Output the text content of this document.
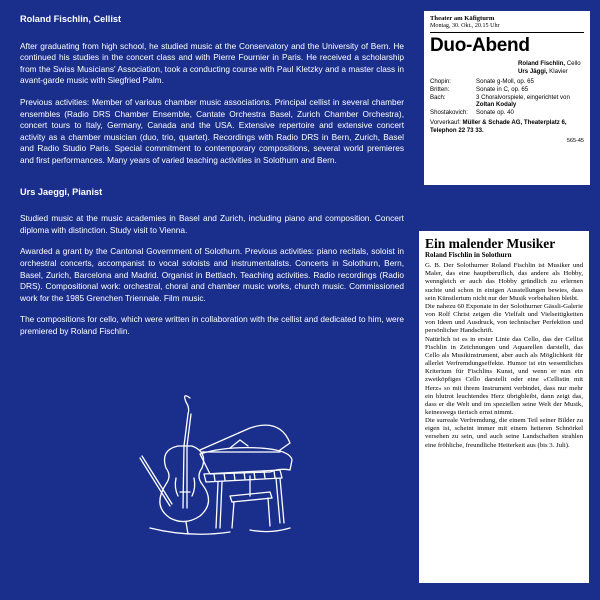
Roland Fischlin, Cellist

After graduating from high school, he studied music at the Conservatory and the University of Bern. He continued his studies in the concert class and with Pierre Fournier in Paris. He received a scholarship from the Swiss Musicians' Association, took a conducting course with Paul Kletzky and a master class in avant-garde music with Siegfried Palm.

Previous activities: Member of various chamber music associations. Principal cellist in several chamber ensembles (Radio DRS Chamber Ensemble, Cantate Orchestra Basel, Zurich Chamber Orchestra), concert tours to Italy, Germany, Canada and the USA. Extensive repertoire and extensive concert activity as a chamber musician (duo, trio, quartet). Recordings with Radio DRS in Bern, Zurich, Basel and Radio Studio Paris. Special commitment to contemporary compositions, several world premieres and first performances. Many years of varied teaching activities in Solothurn and Bern.

Urs Jaeggi, Pianist

Studied music at the music academies in Basel and Zurich, including piano and composition. Concert diploma with distinction. Study visit to Vienna.

Awarded a grant by the Cantonal Government of Solothurn. Previous activities: piano recitals, soloist in orchestral concerts, accompanist to vocal soloists and instrumentalists. Concerts in Solothurn, Bern, Basel, Zurich, Barcelona and Madrid. Organist in Bettlach. Teaching activities. Radio recordings (Radio DRS). Compositional work: orchestral, choral and chamber music works, church music. Commissioned work for the 1985 Grenchen Triennale. Film music.

The compositions for cello, which were written in collaboration with the cellist and dedicated to him, were premiered by Roland Fischlin.

Theater am Käfigturm
Montag, 30. Okt., 20.15 Uhr
Duo-Abend
Roland Fischlin, Cello
Urs Jäggi, Klavier
Chopin:	Sonate g-Moll, op. 65
Britten:	Sonate in C, op. 65
Bach:	3 Choralvorspiele, eingerichtet von
Zoltan Kodaly
Shostakovich:	Sonate op. 40
Vorverkauf: Müller & Schade AG, Theaterplatz 6, Telephon 22 73 33.
565-45
Ein malender Musiker
Roland Fischlin in Solothurn

G. B. Der Solothurner Roland Fischlin ist Musiker und Maler, das eine hauptberuflich, das andere als Hobby, wenngleich er auch das Hobby gründlich zu erlernen suchte und schon in einigen Ausstellungen bewies, dass sein Künstlertum nicht nur der Musik vorbehalten bleibt.

Die nahezu 60 Exponate in der Solothurner Gässli-Galerie von Rolf Christ zeigen die Vielfalt und Vielseitigkeiten von Ideen und Ausdruck, von technischer Perfektion und persönlicher Handschrift.

Natürlich ist es in erster Linie das Cello, das der Cellist Fischlin in Zeichnungen und Aquarellen darstellt, das Cello als Musikinstrument, aber auch als Möglichkeit für allerlei Verfremdungseffekte. Humor ist ein wesentliches Kriterium für Fischlins Kunst, und wenn er nun ein zweiköpfiges Cello darstellt oder eine «Cellistin mit Herz» so mit ihrem Instrument verbindet, dass nur mehr ein blutrot leuchtendes Herz übrigbleibt, dann zeigt das, dass er die Welt und im speziellen seine Welt der Musik, keineswegs tierisch ernst nimmt.

Die surreale Verfremdung, die einem Teil seiner Bilder zu eigen ist, scheint immer mit einem heiteren Schnörkel versehen zu sein, und auch seine Landschaften strahlen eine fröhliche, freundliche Heiterkeit aus (bis 3. Juli).
